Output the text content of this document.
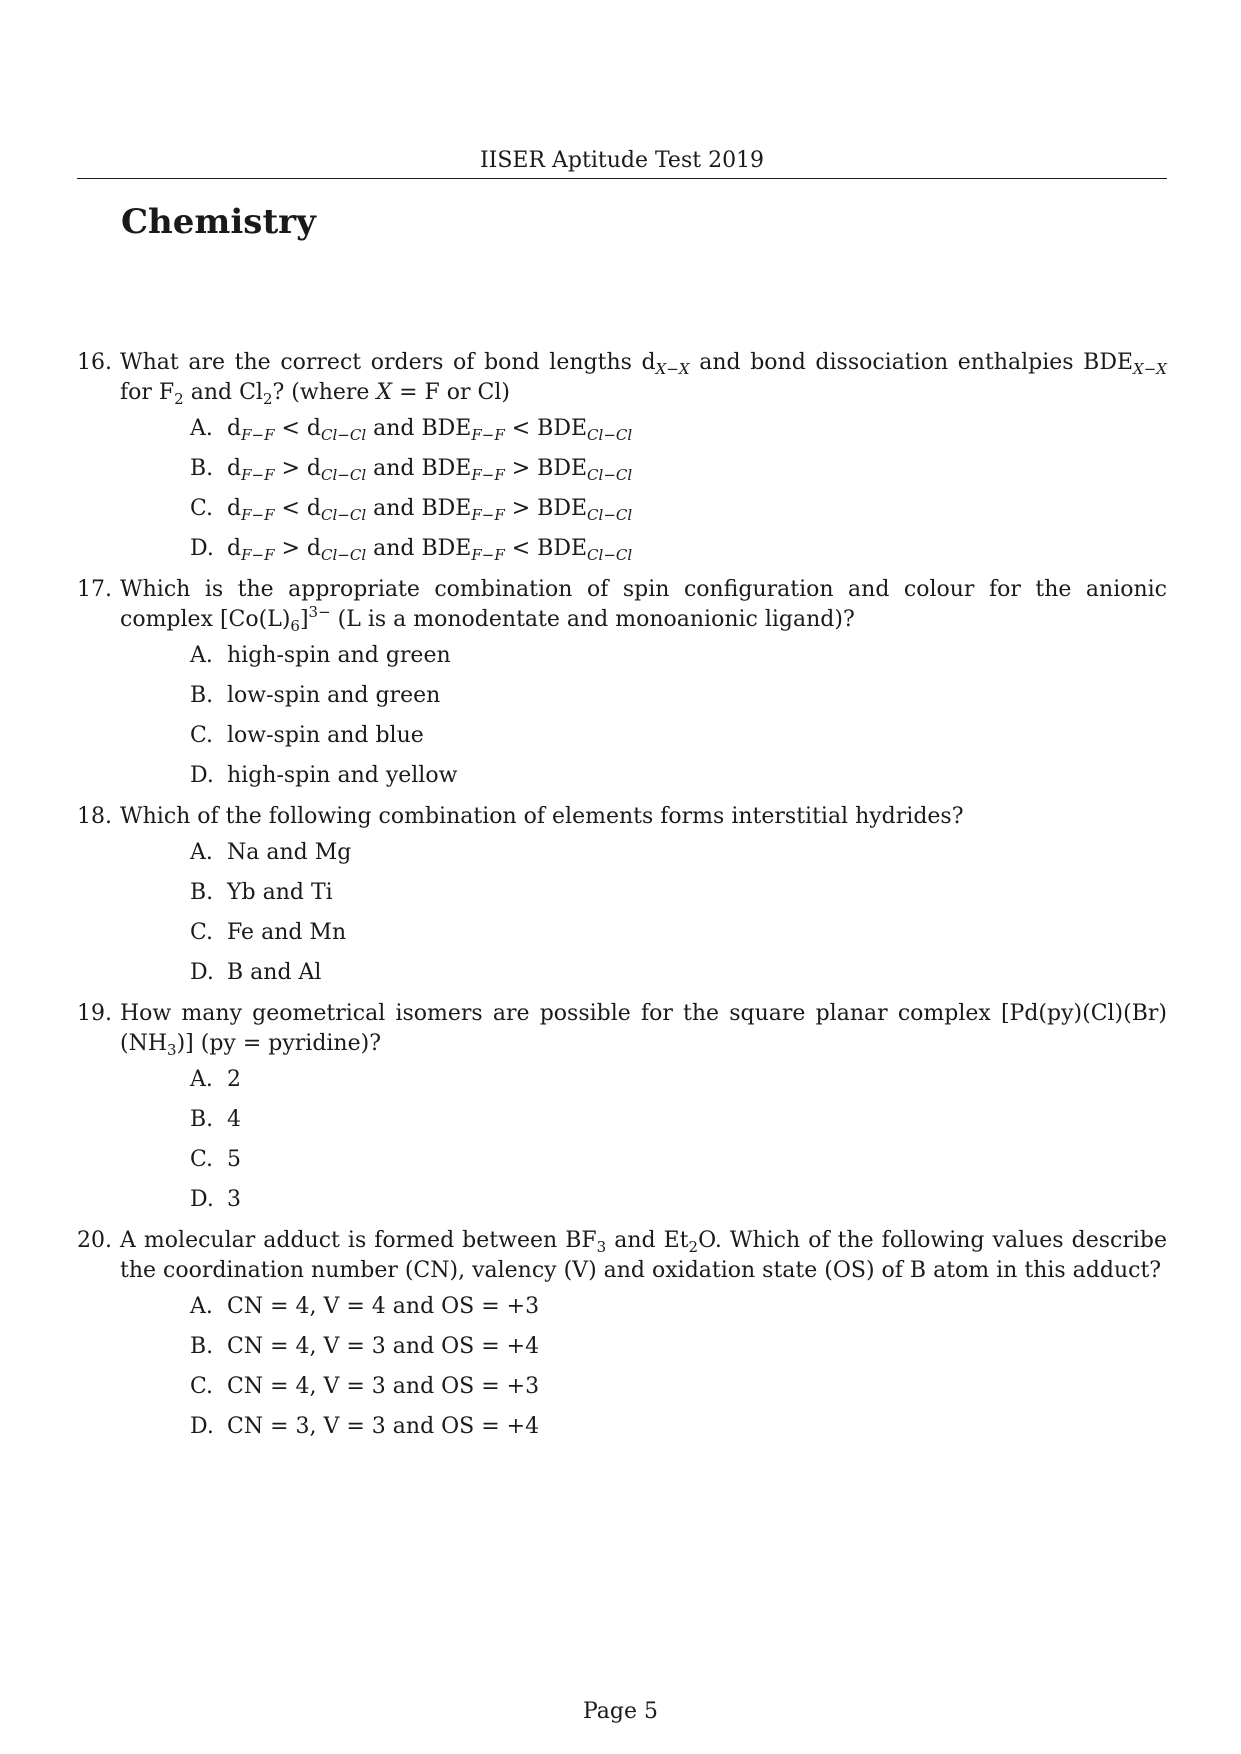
IISER Aptitude Test 2019
Chemistry
16. What are the correct orders of bond lengths $d_{X-X}$ and bond dissociation enthalpies $BDE_{X-X}$ for $F_2$ and $Cl_2$? (where X = F or Cl)
A. $d_{F-F} < d_{Cl-Cl}$ and $BDE_{F-F} < BDE_{Cl-Cl}$
B. $d_{F-F} > d_{Cl-Cl}$ and $BDE_{F-F} > BDE_{Cl-Cl}$
C. $d_{F-F} < d_{Cl-Cl}$ and $BDE_{F-F} > BDE_{Cl-Cl}$
D. $d_{F-F} > d_{Cl-Cl}$ and $BDE_{F-F} < BDE_{Cl-Cl}$
17. Which is the appropriate combination of spin configuration and colour for the anionic complex $[Co(L)_6]^{3-}$ (L is a monodentate and monoanionic ligand)?
A. high-spin and green
B. low-spin and green
C. low-spin and blue
D. high-spin and yellow
18. Which of the following combination of elements forms interstitial hydrides?
A. Na and Mg
B. Yb and Ti
C. Fe and Mn
D. B and Al
19. How many geometrical isomers are possible for the square planar complex $[Pd(py)(Cl)(Br)(NH_3)] (py$ = pyridine)?
A. 2
B. 4
C. 5
D. 3
20. A molecular adduct is formed between $BF_3$ and $Et_2O$. Which of the following values describe the coordination number (CN), valency (V) and oxidation state (OS) of B atom in this adduct?
A. CN = 4, V = 4 and OS = +3
B. CN = 4, V = 3 and OS = +4
C. CN = 4, V = 3 and OS = +3
D. CN = 3, V = 3 and OS = +4
Page 5
